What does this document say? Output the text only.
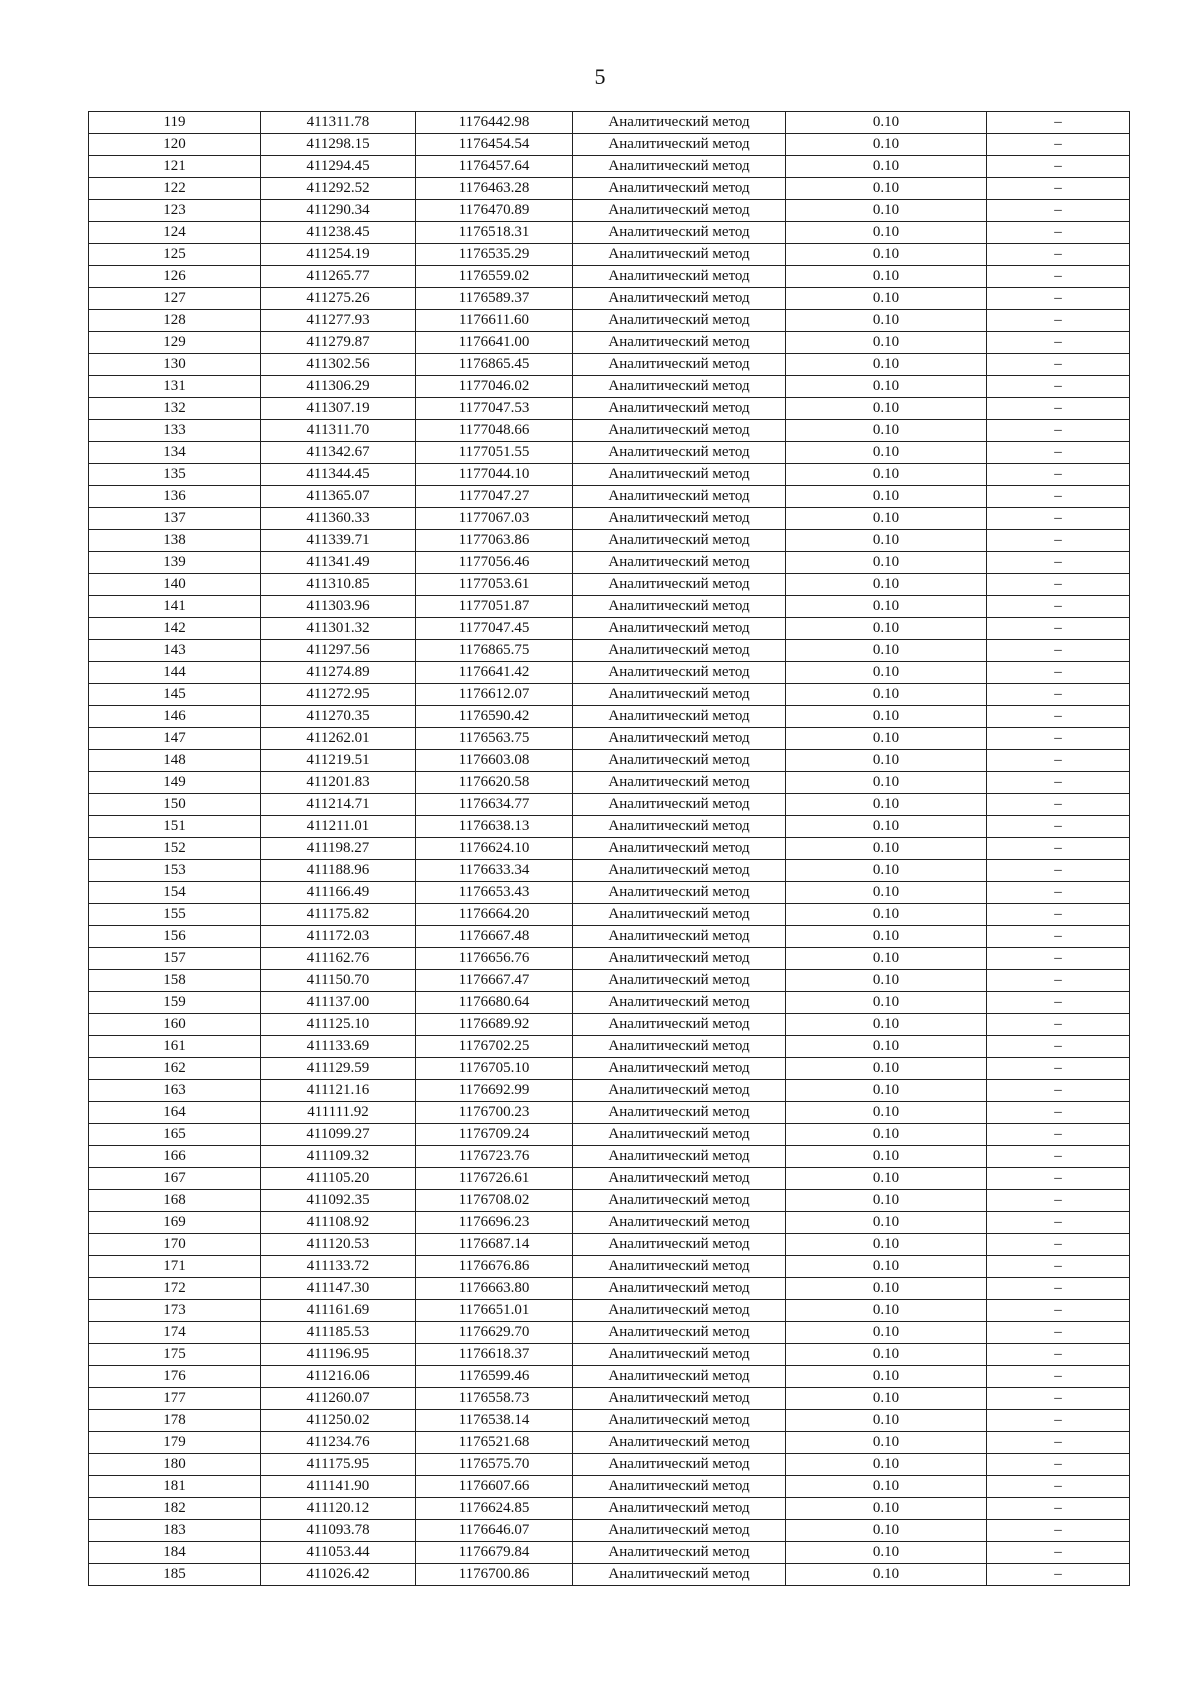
5
119	411311.78	1176442.98	Аналитический метод	0.10	–
120	411298.15	1176454.54	Аналитический метод	0.10	–
121	411294.45	1176457.64	Аналитический метод	0.10	–
122	411292.52	1176463.28	Аналитический метод	0.10	–
123	411290.34	1176470.89	Аналитический метод	0.10	–
124	411238.45	1176518.31	Аналитический метод	0.10	–
125	411254.19	1176535.29	Аналитический метод	0.10	–
126	411265.77	1176559.02	Аналитический метод	0.10	–
127	411275.26	1176589.37	Аналитический метод	0.10	–
128	411277.93	1176611.60	Аналитический метод	0.10	–
129	411279.87	1176641.00	Аналитический метод	0.10	–
130	411302.56	1176865.45	Аналитический метод	0.10	–
131	411306.29	1177046.02	Аналитический метод	0.10	–
132	411307.19	1177047.53	Аналитический метод	0.10	–
133	411311.70	1177048.66	Аналитический метод	0.10	–
134	411342.67	1177051.55	Аналитический метод	0.10	–
135	411344.45	1177044.10	Аналитический метод	0.10	–
136	411365.07	1177047.27	Аналитический метод	0.10	–
137	411360.33	1177067.03	Аналитический метод	0.10	–
138	411339.71	1177063.86	Аналитический метод	0.10	–
139	411341.49	1177056.46	Аналитический метод	0.10	–
140	411310.85	1177053.61	Аналитический метод	0.10	–
141	411303.96	1177051.87	Аналитический метод	0.10	–
142	411301.32	1177047.45	Аналитический метод	0.10	–
143	411297.56	1176865.75	Аналитический метод	0.10	–
144	411274.89	1176641.42	Аналитический метод	0.10	–
145	411272.95	1176612.07	Аналитический метод	0.10	–
146	411270.35	1176590.42	Аналитический метод	0.10	–
147	411262.01	1176563.75	Аналитический метод	0.10	–
148	411219.51	1176603.08	Аналитический метод	0.10	–
149	411201.83	1176620.58	Аналитический метод	0.10	–
150	411214.71	1176634.77	Аналитический метод	0.10	–
151	411211.01	1176638.13	Аналитический метод	0.10	–
152	411198.27	1176624.10	Аналитический метод	0.10	–
153	411188.96	1176633.34	Аналитический метод	0.10	–
154	411166.49	1176653.43	Аналитический метод	0.10	–
155	411175.82	1176664.20	Аналитический метод	0.10	–
156	411172.03	1176667.48	Аналитический метод	0.10	–
157	411162.76	1176656.76	Аналитический метод	0.10	–
158	411150.70	1176667.47	Аналитический метод	0.10	–
159	411137.00	1176680.64	Аналитический метод	0.10	–
160	411125.10	1176689.92	Аналитический метод	0.10	–
161	411133.69	1176702.25	Аналитический метод	0.10	–
162	411129.59	1176705.10	Аналитический метод	0.10	–
163	411121.16	1176692.99	Аналитический метод	0.10	–
164	411111.92	1176700.23	Аналитический метод	0.10	–
165	411099.27	1176709.24	Аналитический метод	0.10	–
166	411109.32	1176723.76	Аналитический метод	0.10	–
167	411105.20	1176726.61	Аналитический метод	0.10	–
168	411092.35	1176708.02	Аналитический метод	0.10	–
169	411108.92	1176696.23	Аналитический метод	0.10	–
170	411120.53	1176687.14	Аналитический метод	0.10	–
171	411133.72	1176676.86	Аналитический метод	0.10	–
172	411147.30	1176663.80	Аналитический метод	0.10	–
173	411161.69	1176651.01	Аналитический метод	0.10	–
174	411185.53	1176629.70	Аналитический метод	0.10	–
175	411196.95	1176618.37	Аналитический метод	0.10	–
176	411216.06	1176599.46	Аналитический метод	0.10	–
177	411260.07	1176558.73	Аналитический метод	0.10	–
178	411250.02	1176538.14	Аналитический метод	0.10	–
179	411234.76	1176521.68	Аналитический метод	0.10	–
180	411175.95	1176575.70	Аналитический метод	0.10	–
181	411141.90	1176607.66	Аналитический метод	0.10	–
182	411120.12	1176624.85	Аналитический метод	0.10	–
183	411093.78	1176646.07	Аналитический метод	0.10	–
184	411053.44	1176679.84	Аналитический метод	0.10	–
185	411026.42	1176700.86	Аналитический метод	0.10	–
